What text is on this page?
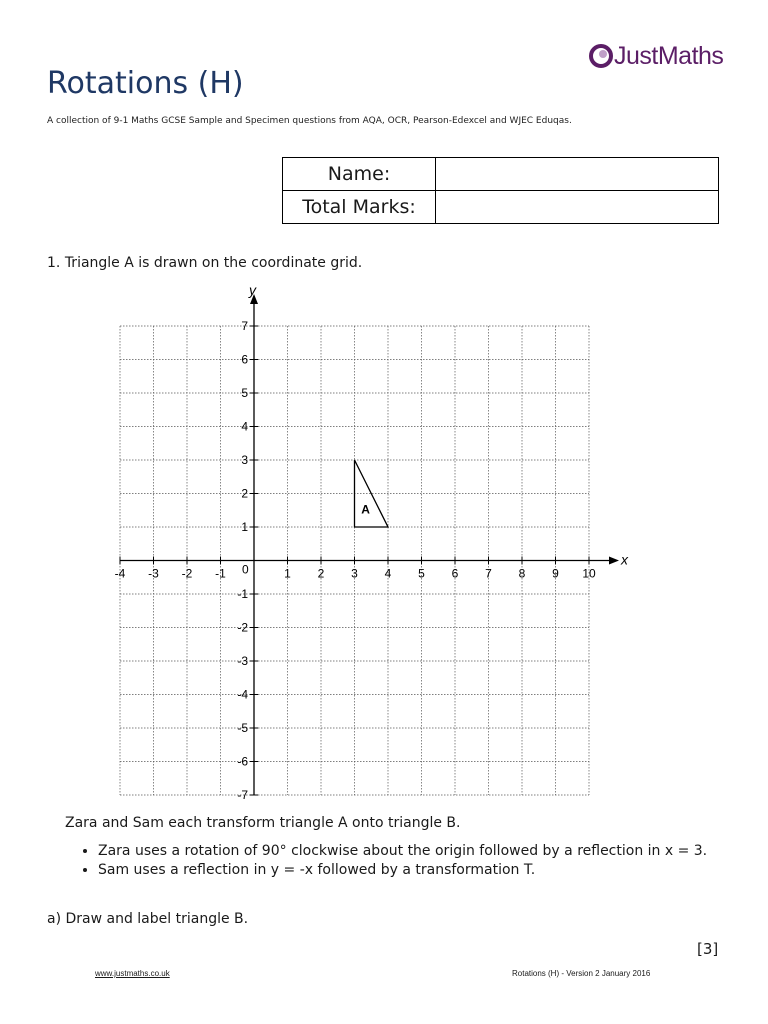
JustMaths
Rotations (H)
A collection of 9-1 Maths GCSE Sample and Specimen questions from AQA, OCR, Pearson-Edexcel and WJEC Eduqas.
Name:	
Total Marks:	
1. Triangle A is drawn on the coordinate grid.
-4 -3 -2 -1	1 2 3 4 5 6 7 8 9 10
7
6
5
4
3
2
1
-1
-2
-3
-4
-5
-6
-7
A
x
y
0
Zara and Sam each transform triangle A onto triangle B.
• Zara uses a rotation of 90° clockwise about the origin followed by a reflection in x = 3.
• Sam uses a reflection in y = -x followed by a transformation T.
a) Draw and label triangle B.
[3]
www.justmaths.co.uk	Rotations (H) - Version 2 January 2016
